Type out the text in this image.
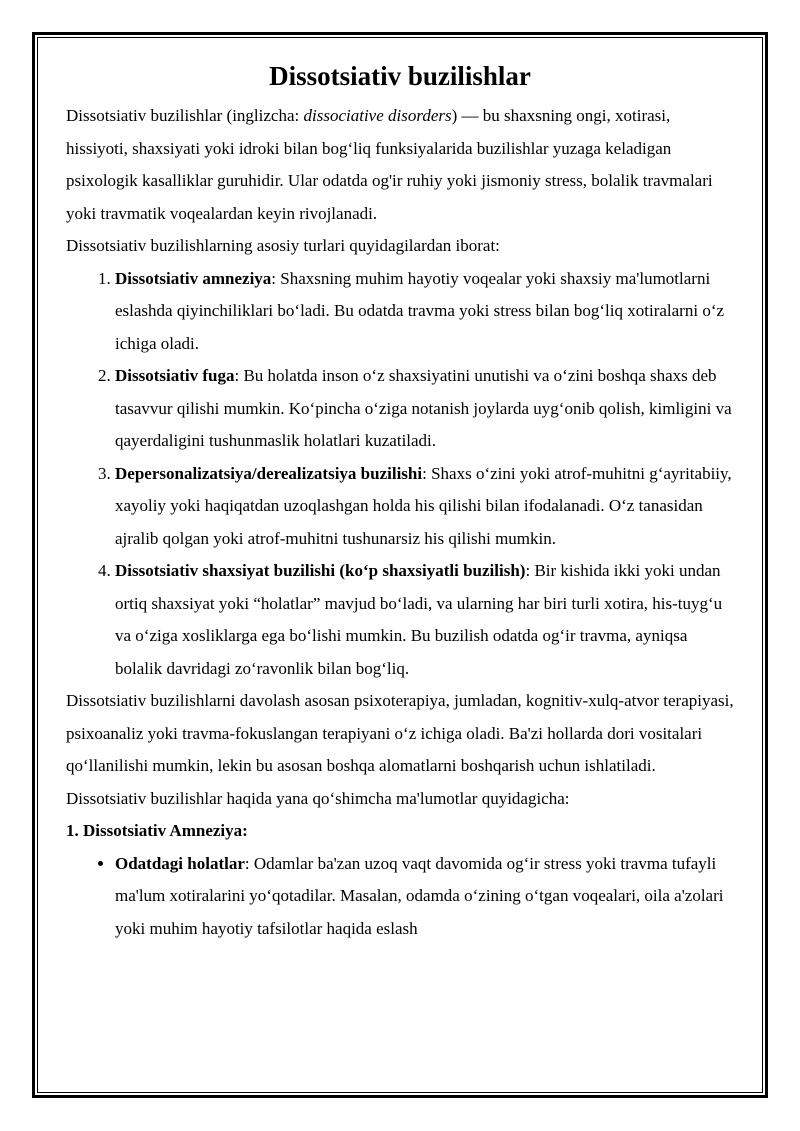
Dissotsiativ buzilishlar

Dissotsiativ buzilishlar (inglizcha: dissociative disorders) — bu shaxsning ongi, xotirasi, hissiyoti, shaxsiyati yoki idroki bilan bog‘liq funksiyalarida buzilishlar yuzaga keladigan psixologik kasalliklar guruhidir. Ular odatda og'ir ruhiy yoki jismoniy stress, bolalik travmalari yoki travmatik voqealardan keyin rivojlanadi.

Dissotsiativ buzilishlarning asosiy turlari quyidagilardan iborat:

1. Dissotsiativ amneziya: Shaxsning muhim hayotiy voqealar yoki shaxsiy ma'lumotlarni eslashda qiyinchiliklari bo‘ladi. Bu odatda travma yoki stress bilan bog‘liq xotiralarni o‘z ichiga oladi.
2. Dissotsiativ fuga: Bu holatda inson o‘z shaxsiyatini unutishi va o‘zini boshqa shaxs deb tasavvur qilishi mumkin. Ko‘pincha o‘ziga notanish joylarda uyg‘onib qolish, kimligini va qayerdaligini tushunmaslik holatlari kuzatiladi.
3. Depersonalizatsiya/derealizatsiya buzilishi: Shaxs o‘zini yoki atrof-muhitni g‘ayritabiiy, xayoliy yoki haqiqatdan uzoqlashgan holda his qilishi bilan ifodalanadi. O‘z tanasidan ajralib qolgan yoki atrof-muhitni tushunarsiz his qilishi mumkin.
4. Dissotsiativ shaxsiyat buzilishi (ko‘p shaxsiyatli buzilish): Bir kishida ikki yoki undan ortiq shaxsiyat yoki “holatlar” mavjud bo‘ladi, va ularning har biri turli xotira, his-tuyg‘u va o‘ziga xosliklarga ega bo‘lishi mumkin. Bu buzilish odatda og‘ir travma, ayniqsa bolalik davridagi zo‘ravonlik bilan bog‘liq.

Dissotsiativ buzilishlarni davolash asosan psixoterapiya, jumladan, kognitiv-xulq-atvor terapiyasi, psixoanaliz yoki travma-fokuslangan terapiyani o‘z ichiga oladi. Ba'zi hollarda dori vositalari qo‘llanilishi mumkin, lekin bu asosan boshqa alomatlarni boshqarish uchun ishlatiladi.

Dissotsiativ buzilishlar haqida yana qo‘shimcha ma'lumotlar quyidagicha:

1. Dissotsiativ Amneziya:

• Odatdagi holatlar: Odamlar ba'zan uzoq vaqt davomida og‘ir stress yoki travma tufayli ma'lum xotiralarini yo‘qotadilar. Masalan, odamda o‘zining o‘tgan voqealari, oila a'zolari yoki muhim hayotiy tafsilotlar haqida eslash
